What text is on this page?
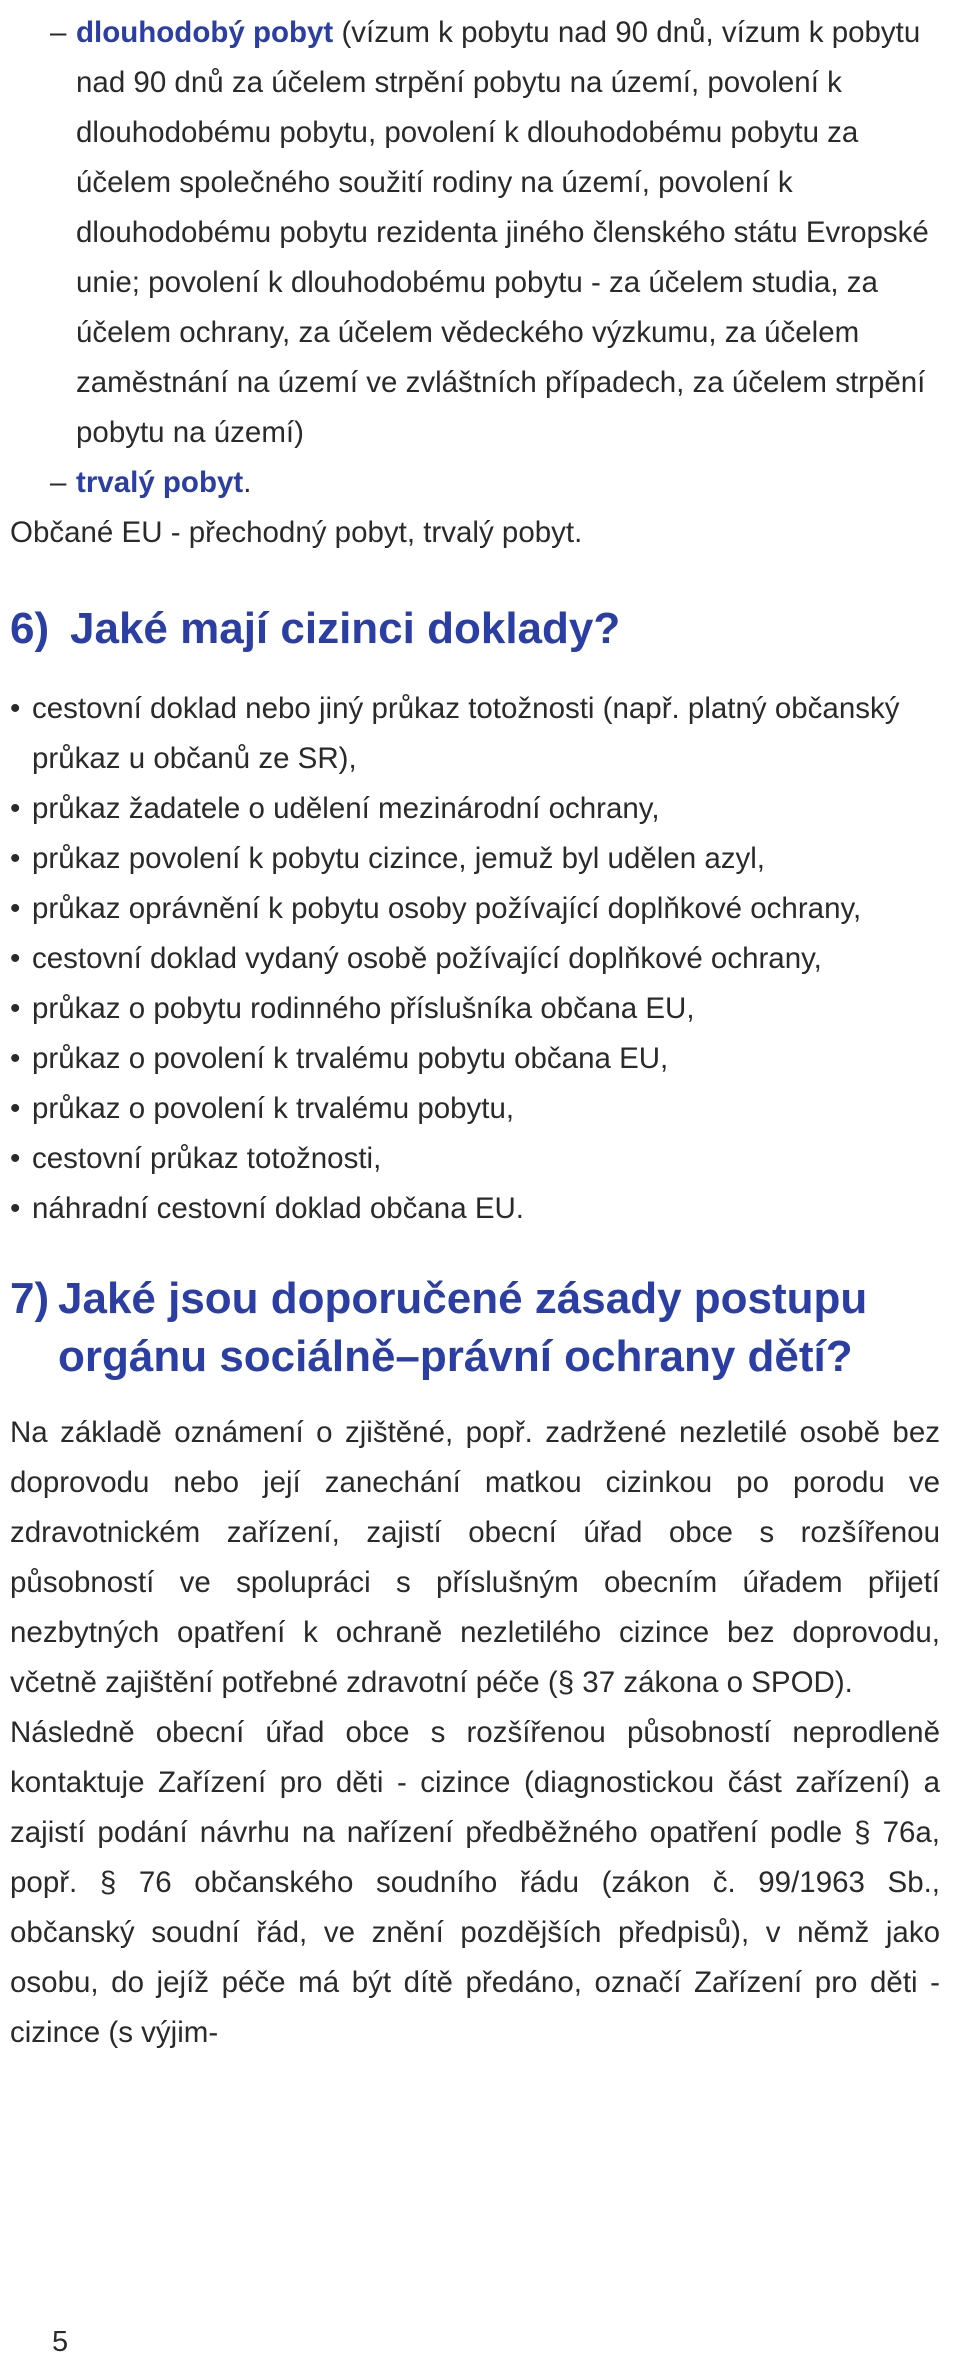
– dlouhodobý pobyt (vízum k pobytu nad 90 dnů, vízum k pobytu nad 90 dnů za účelem strpění pobytu na území, povolení k dlouhodobému pobytu, povolení k dlouhodobému pobytu za účelem společného soužití rodiny na území, povolení k dlouhodobému pobytu rezidenta jiného členského státu Evropské unie; povolení k dlouhodobému pobytu - za účelem studia, za účelem ochrany, za účelem vědeckého výzkumu, za účelem zaměstnání na území ve zvláštních případech, za účelem strpění pobytu na území)
– trvalý pobyt.
Občané EU - přechodný pobyt, trvalý pobyt.
6) Jaké mají cizinci doklady?
• cestovní doklad nebo jiný průkaz totožnosti (např. platný občanský průkaz u občanů ze SR),
• průkaz žadatele o udělení mezinárodní ochrany,
• průkaz povolení k pobytu cizince, jemuž byl udělen azyl,
• průkaz oprávnění k pobytu osoby požívající doplňkové ochrany,
• cestovní doklad vydaný osobě požívající doplňkové ochrany,
• průkaz o pobytu rodinného příslušníka občana EU,
• průkaz o povolení k trvalému pobytu občana EU,
• průkaz o povolení k trvalému pobytu,
• cestovní průkaz totožnosti,
• náhradní cestovní doklad občana EU.
7) Jaké jsou doporučené zásady postupu orgánu sociálně–právní ochrany dětí?

Na základě oznámení o zjištěné, popř. zadržené nezletilé osobě bez doprovodu nebo její zanechání matkou cizinkou po porodu ve zdravotnickém zařízení, zajistí obecní úřad obce s rozšířenou působností ve spolupráci s příslušným obecním úřadem přijetí nezbytných opatření k ochraně nezletilého cizince bez doprovodu, včetně zajištění potřebné zdravotní péče (§ 37 zákona o SPOD).

Následně obecní úřad obce s rozšířenou působností neprodleně kontaktuje Zařízení pro děti - cizince (diagnostickou část zařízení) a zajistí podání návrhu na nařízení předběžného opatření podle § 76a, popř. § 76 občanského soudního řádu (zákon č. 99/1963 Sb., občanský soudní řád, ve znění pozdějších předpisů), v němž jako osobu, do jejíž péče má být dítě předáno, označí Zařízení pro děti - cizince (s výjim-

5
